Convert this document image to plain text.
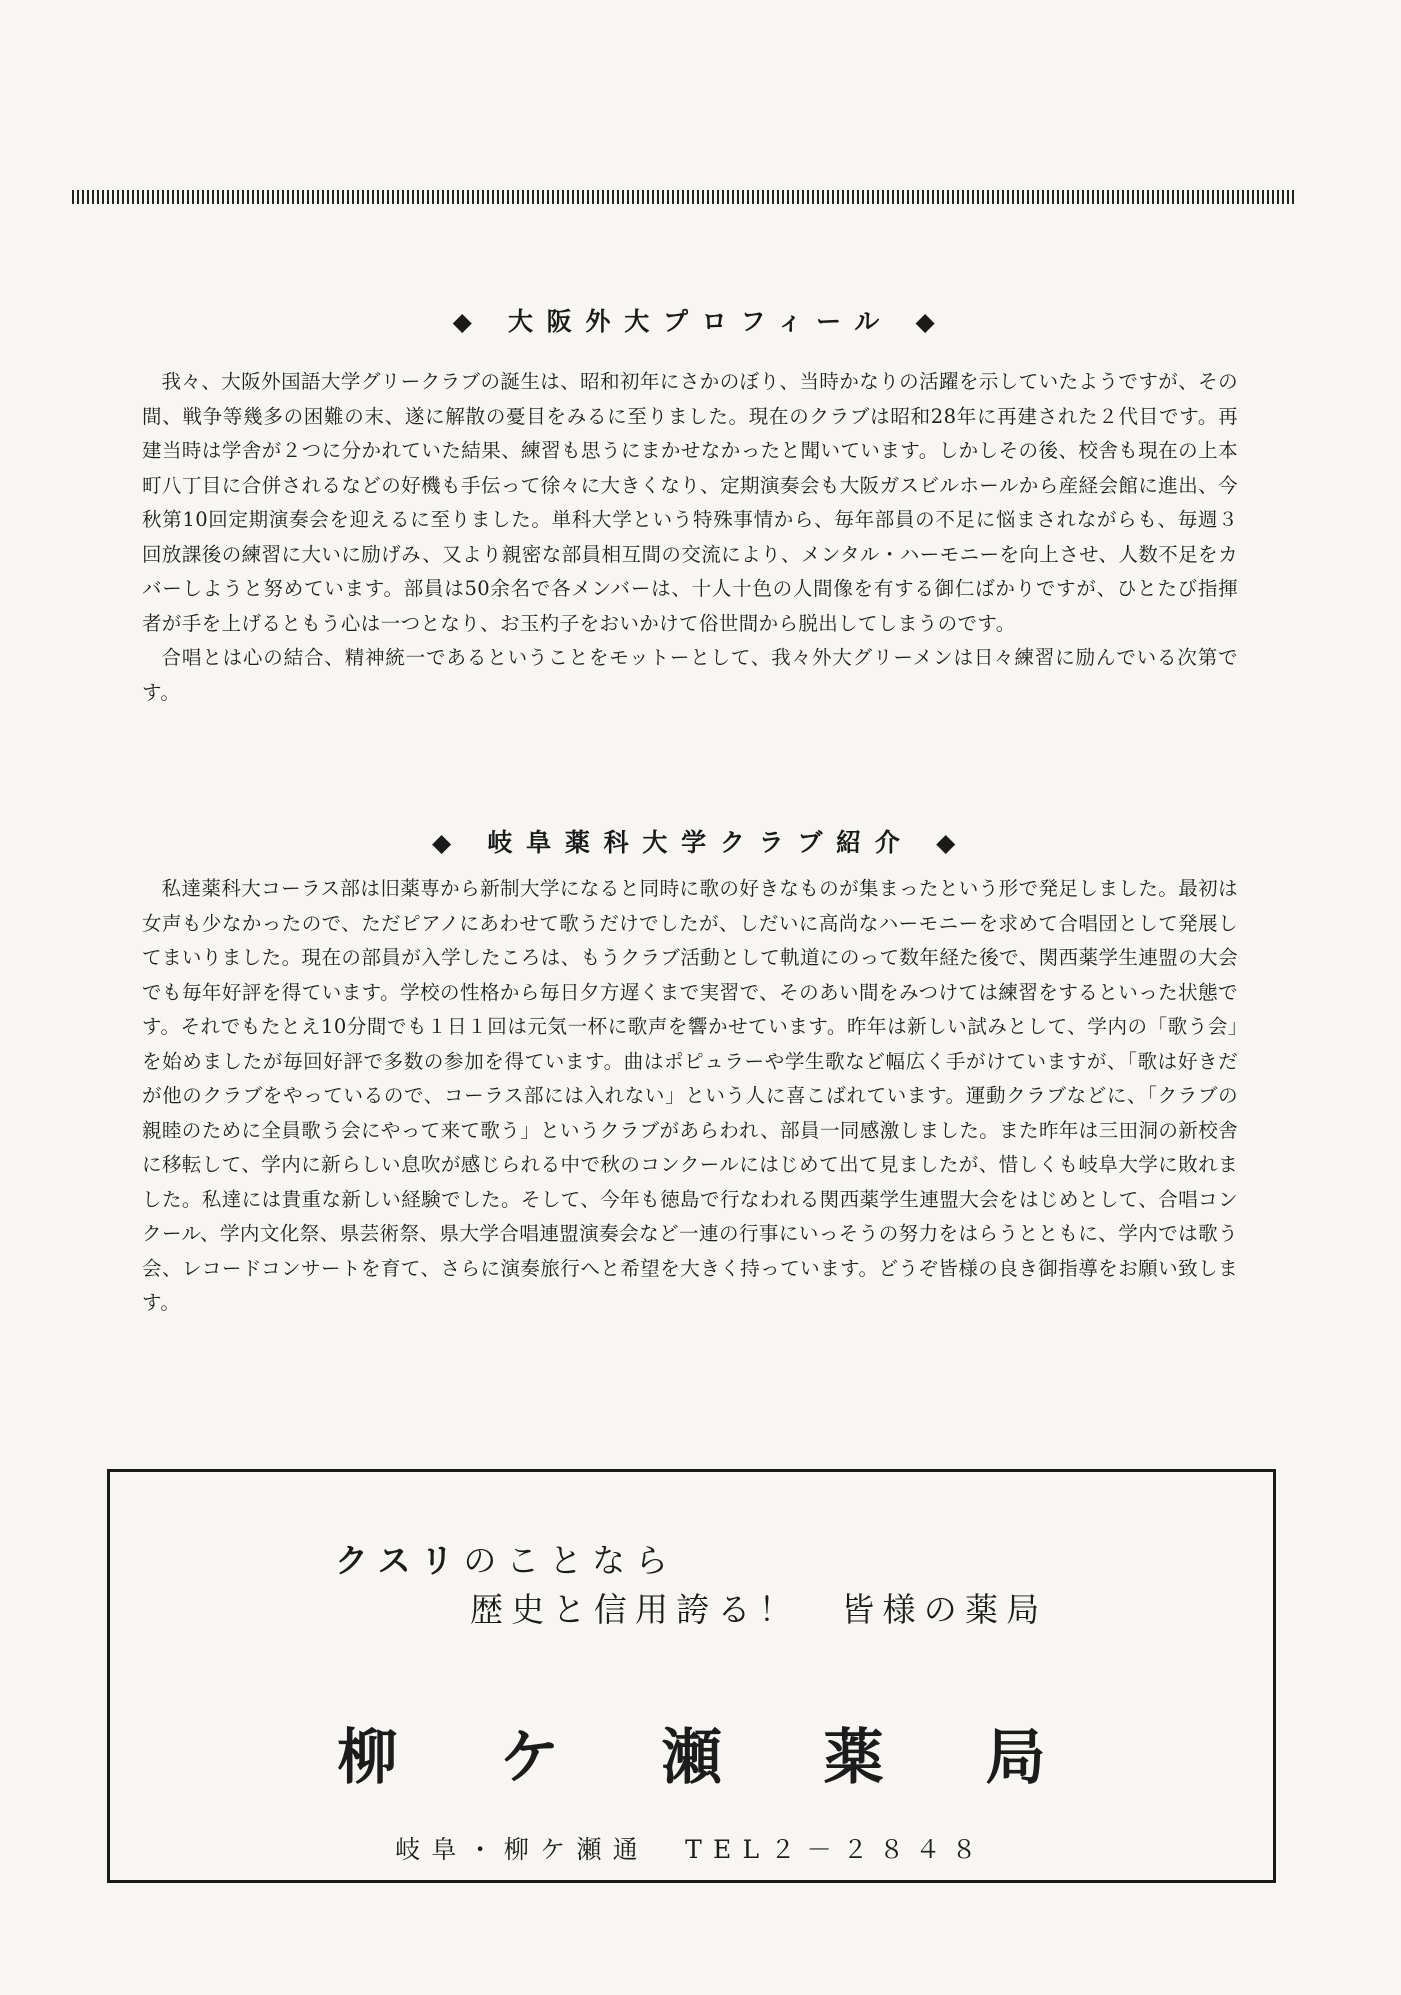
◆ 大阪外大プロフィール ◆

我々、大阪外国語大学グリークラブの誕生は、昭和初年にさかのぼり、当時かなりの活躍を示していたようですが、その間、戦争等幾多の困難の末、遂に解散の憂目をみるに至りました。現在のクラブは昭和28年に再建された２代目です。再建当時は学舎が２つに分かれていた結果、練習も思うにまかせなかったと聞いています。しかしその後、校舎も現在の上本町八丁目に合併されるなどの好機も手伝って徐々に大きくなり、定期演奏会も大阪ガスビルホールから産経会館に進出、今秋第10回定期演奏会を迎えるに至りました。単科大学という特殊事情から、毎年部員の不足に悩まされながらも、毎週３回放課後の練習に大いに励げみ、又より親密な部員相互間の交流により、メンタル・ハーモニーを向上させ、人数不足をカバーしようと努めています。部員は50余名で各メンバーは、十人十色の人間像を有する御仁ばかりですが、ひとたび指揮者が手を上げるともう心は一つとなり、お玉杓子をおいかけて俗世間から脱出してしまうのです。

合唱とは心の結合、精神統一であるということをモットーとして、我々外大グリーメンは日々練習に励んでいる次第です。

◆ 岐阜薬科大学クラブ紹介 ◆

私達薬科大コーラス部は旧薬専から新制大学になると同時に歌の好きなものが集まったという形で発足しました。最初は女声も少なかったので、ただピアノにあわせて歌うだけでしたが、しだいに高尚なハーモニーを求めて合唱団として発展してまいりました。現在の部員が入学したころは、もうクラブ活動として軌道にのって数年経た後で、関西薬学生連盟の大会でも毎年好評を得ています。学校の性格から毎日夕方遅くまで実習で、そのあい間をみつけては練習をするといった状態です。それでもたとえ10分間でも１日１回は元気一杯に歌声を響かせています。昨年は新しい試みとして、学内の「歌う会」を始めましたが毎回好評で多数の参加を得ています。曲はポピュラーや学生歌など幅広く手がけていますが、「歌は好きだが他のクラブをやっているので、コーラス部には入れない」という人に喜こばれています。運動クラブなどに、「クラブの親睦のために全員歌う会にやって来て歌う」というクラブがあらわれ、部員一同感激しました。また昨年は三田洞の新校舎に移転して、学内に新らしい息吹が感じられる中で秋のコンクールにはじめて出て見ましたが、惜しくも岐阜大学に敗れました。私達には貴重な新しい経験でした。そして、今年も徳島で行なわれる関西薬学生連盟大会をはじめとして、合唱コンクール、学内文化祭、県芸術祭、県大学合唱連盟演奏会など一連の行事にいっそうの努力をはらうとともに、学内では歌う会、レコードコンサートを育て、さらに演奏旅行へと希望を大きく持っています。どうぞ皆様の良き御指導をお願い致します。

クスリのことなら

歴史と信用誇る！　皆様の薬局

柳ケ瀬薬局

岐阜・柳ケ瀬通　TEL２－２８４８
